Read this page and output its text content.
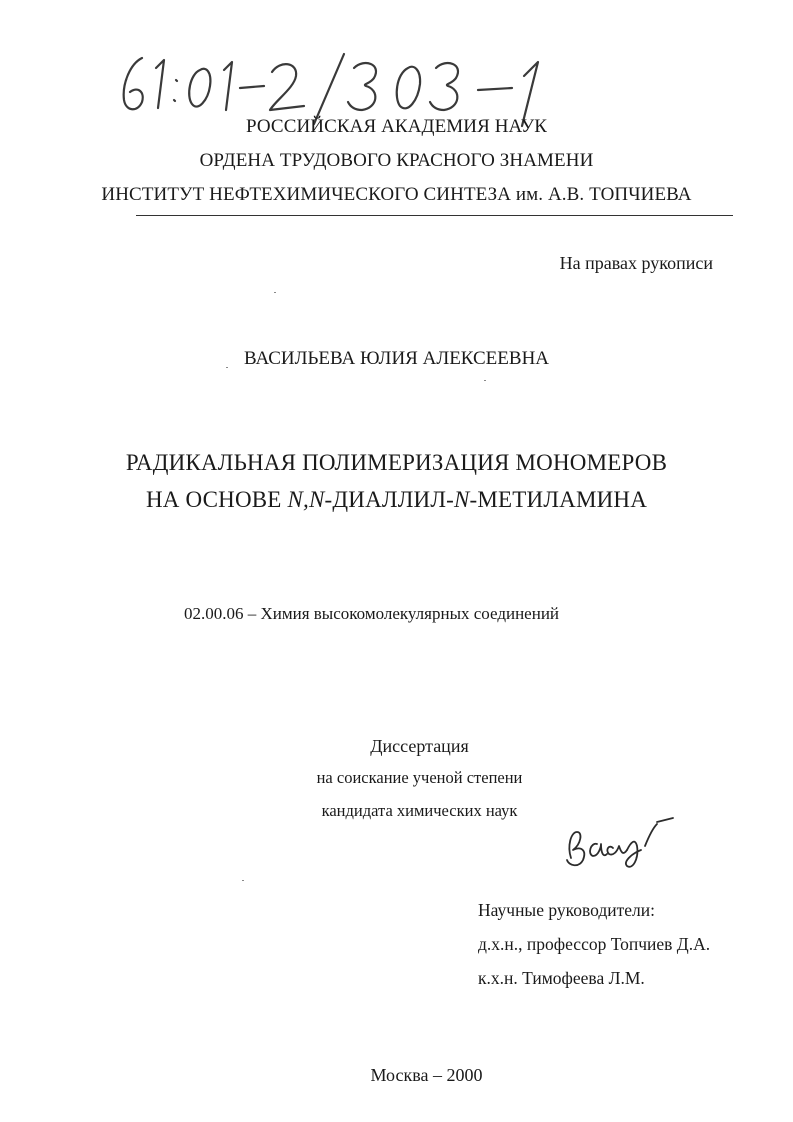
РОССИЙСКАЯ АКАДЕМИЯ НАУК
ОРДЕНА ТРУДОВОГО КРАСНОГО ЗНАМЕНИ
ИНСТИТУТ НЕФТЕХИМИЧЕСКОГО СИНТЕЗА им. А.В. ТОПЧИЕВА
На правах рукописи
ВАСИЛЬЕВА ЮЛИЯ АЛЕКСЕЕВНА
РАДИКАЛЬНАЯ ПОЛИМЕРИЗАЦИЯ МОНОМЕРОВ
НА ОСНОВЕ N,N-ДИАЛЛИЛ-N-МЕТИЛАМИНА
02.00.06 – Химия высокомолекулярных соединений
Диссертация
на соискание ученой степени
кандидата химических наук
Научные руководители:
д.х.н., профессор Топчиев Д.А.
к.х.н. Тимофеева Л.М.
Москва – 2000
